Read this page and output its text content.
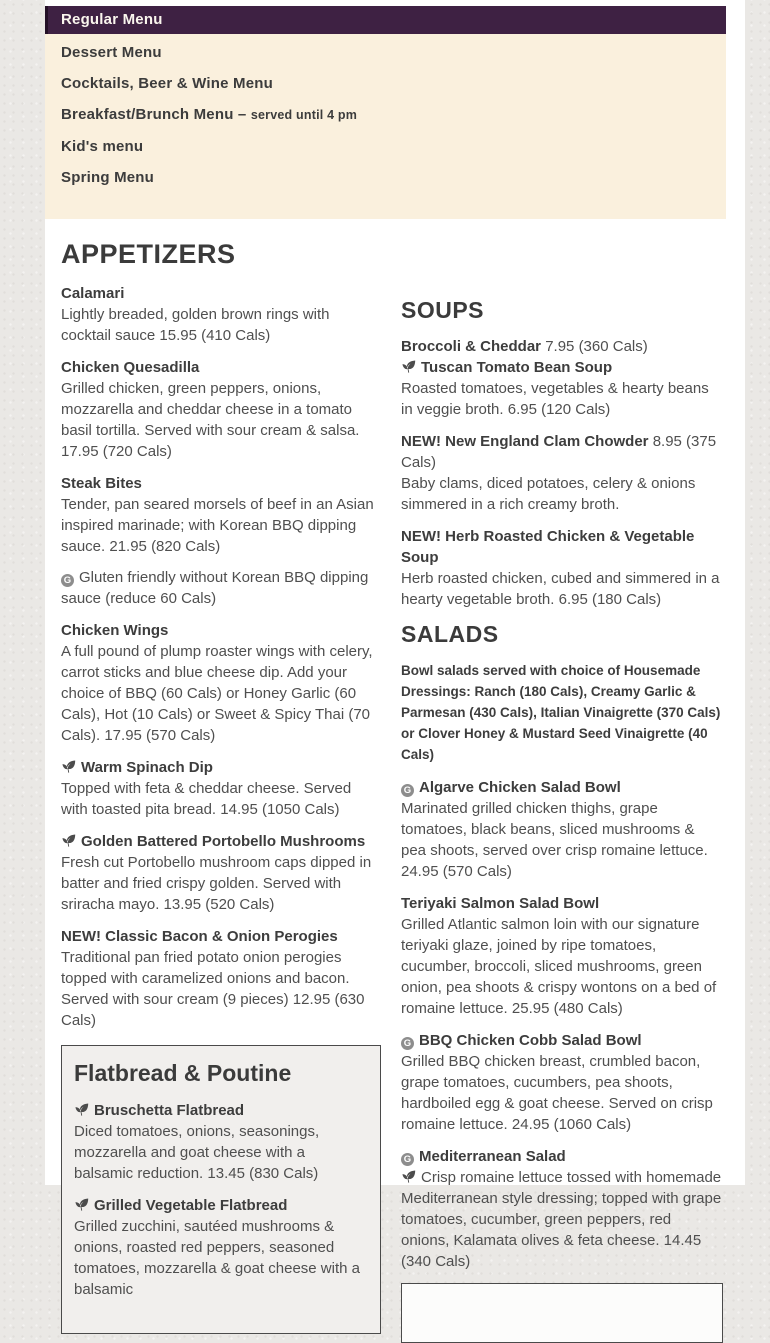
Regular Menu
Dessert Menu
Cocktails, Beer & Wine Menu
Breakfast/Brunch Menu – served until 4 pm
Kid's menu
Spring Menu
APPETIZERS

Calamari

Lightly breaded, golden brown rings with cocktail sauce 15.95 (410 Cals)

Chicken Quesadilla

Grilled chicken, green peppers, onions, mozzarella and cheddar cheese in a tomato basil tortilla. Served with sour cream & salsa. 17.95 (720 Cals)

Steak Bites

Tender, pan seared morsels of beef in an Asian inspired marinade; with Korean BBQ dipping sauce. 21.95 (820 Cals)

G Gluten friendly without Korean BBQ dipping sauce (reduce 60 Cals)

Chicken Wings

A full pound of plump roaster wings with celery, carrot sticks and blue cheese dip. Add your choice of BBQ (60 Cals) or Honey Garlic (60 Cals), Hot (10 Cals) or Sweet & Spicy Thai (70 Cals). 17.95 (570 Cals)

Warm Spinach Dip

Topped with feta & cheddar cheese. Served with toasted pita bread. 14.95 (1050 Cals)

Golden Battered Portobello Mushrooms

Fresh cut Portobello mushroom caps dipped in batter and fried crispy golden. Served with sriracha mayo. 13.95 (520 Cals)

NEW! Classic Bacon & Onion Perogies

Traditional pan fried potato onion perogies topped with caramelized onions and bacon. Served with sour cream (9 pieces) 12.95 (630 Cals)

Flatbread & Poutine

Bruschetta Flatbread

Diced tomatoes, onions, seasonings, mozzarella and goat cheese with a balsamic reduction. 13.45 (830 Cals)

Grilled Vegetable Flatbread

Grilled zucchini, sautéed mushrooms & onions, roasted red peppers, seasoned tomatoes, mozzarella & goat cheese with a balsamic

SOUPS

Broccoli & Cheddar 7.95 (360 Cals)

Tuscan Tomato Bean Soup

Roasted tomatoes, vegetables & hearty beans in veggie broth. 6.95 (120 Cals)

NEW! New England Clam Chowder 8.95 (375 Cals)

Baby clams, diced potatoes, celery & onions simmered in a rich creamy broth.

NEW! Herb Roasted Chicken & Vegetable Soup

Herb roasted chicken, cubed and simmered in a hearty vegetable broth. 6.95 (180 Cals)

SALADS

Bowl salads served with choice of Housemade Dressings: Ranch (180 Cals), Creamy Garlic & Parmesan (430 Cals), Italian Vinaigrette (370 Cals) or Clover Honey & Mustard Seed Vinaigrette (40 Cals)

G Algarve Chicken Salad Bowl

Marinated grilled chicken thighs, grape tomatoes, black beans, sliced mushrooms & pea shoots, served over crisp romaine lettuce. 24.95 (570 Cals)

Teriyaki Salmon Salad Bowl

Grilled Atlantic salmon loin with our signature teriyaki glaze, joined by ripe tomatoes, cucumber, broccoli, sliced mushrooms, green onion, pea shoots & crispy wontons on a bed of romaine lettuce. 25.95 (480 Cals)

G BBQ Chicken Cobb Salad Bowl

Grilled BBQ chicken breast, crumbled bacon, grape tomatoes, cucumbers, pea shoots, hardboiled egg & goat cheese. Served on crisp romaine lettuce. 24.95 (1060 Cals)

G Mediterranean Salad

Crisp romaine lettuce tossed with homemade Mediterranean style dressing; topped with grape tomatoes, cucumber, green peppers, red onions, Kalamata olives & feta cheese. 14.45 (340 Cals)
